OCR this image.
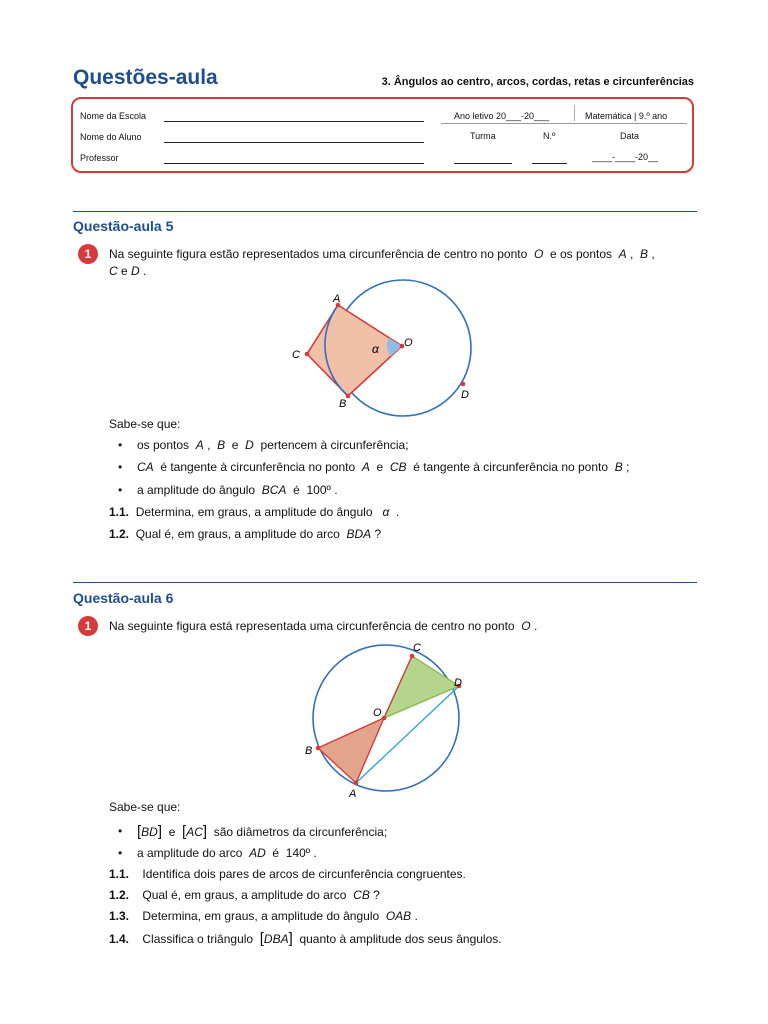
Questões-aula	3. Ângulos ao centro, arcos, cordas, retas e circunferências
Nome da Escola
Nome do Aluno
Professor
Ano letivo 20___-20___	Matemática | 9.º ano
Turma	N.º	Data
____-____-20__
Questão-aula 5
1	Na seguinte figura estão representados uma circunferência de centro no ponto O e os pontos A ,  B ,
C e D .
A
O
B
C
D
α
Sabe-se que:
• os pontos A ,  B e D pertencem à circunferência;
• CA é tangente à circunferência no ponto A e CB é tangente à circunferência no ponto B ;
• a amplitude do ângulo BCA é 100º .
1.1. Determina, em graus, a amplitude do ângulo α  .
1.2. Qual é, em graus, a amplitude do arco BDA ?
Questão-aula 6
1	Na seguinte figura está representada uma circunferência de centro no ponto O .
C
D
O
B
A
Sabe-se que:
• [BD] e [AC] são diâmetros da circunferência;
• a amplitude do arco AD é 140º .
1.1. Identifica dois pares de arcos de circunferência congruentes.
1.2. Qual é, em graus, a amplitude do arco CB ?
1.3. Determina, em graus, a amplitude do ângulo OAB .
1.4. Classifica o triângulo [DBA] quanto à amplitude dos seus ângulos.
